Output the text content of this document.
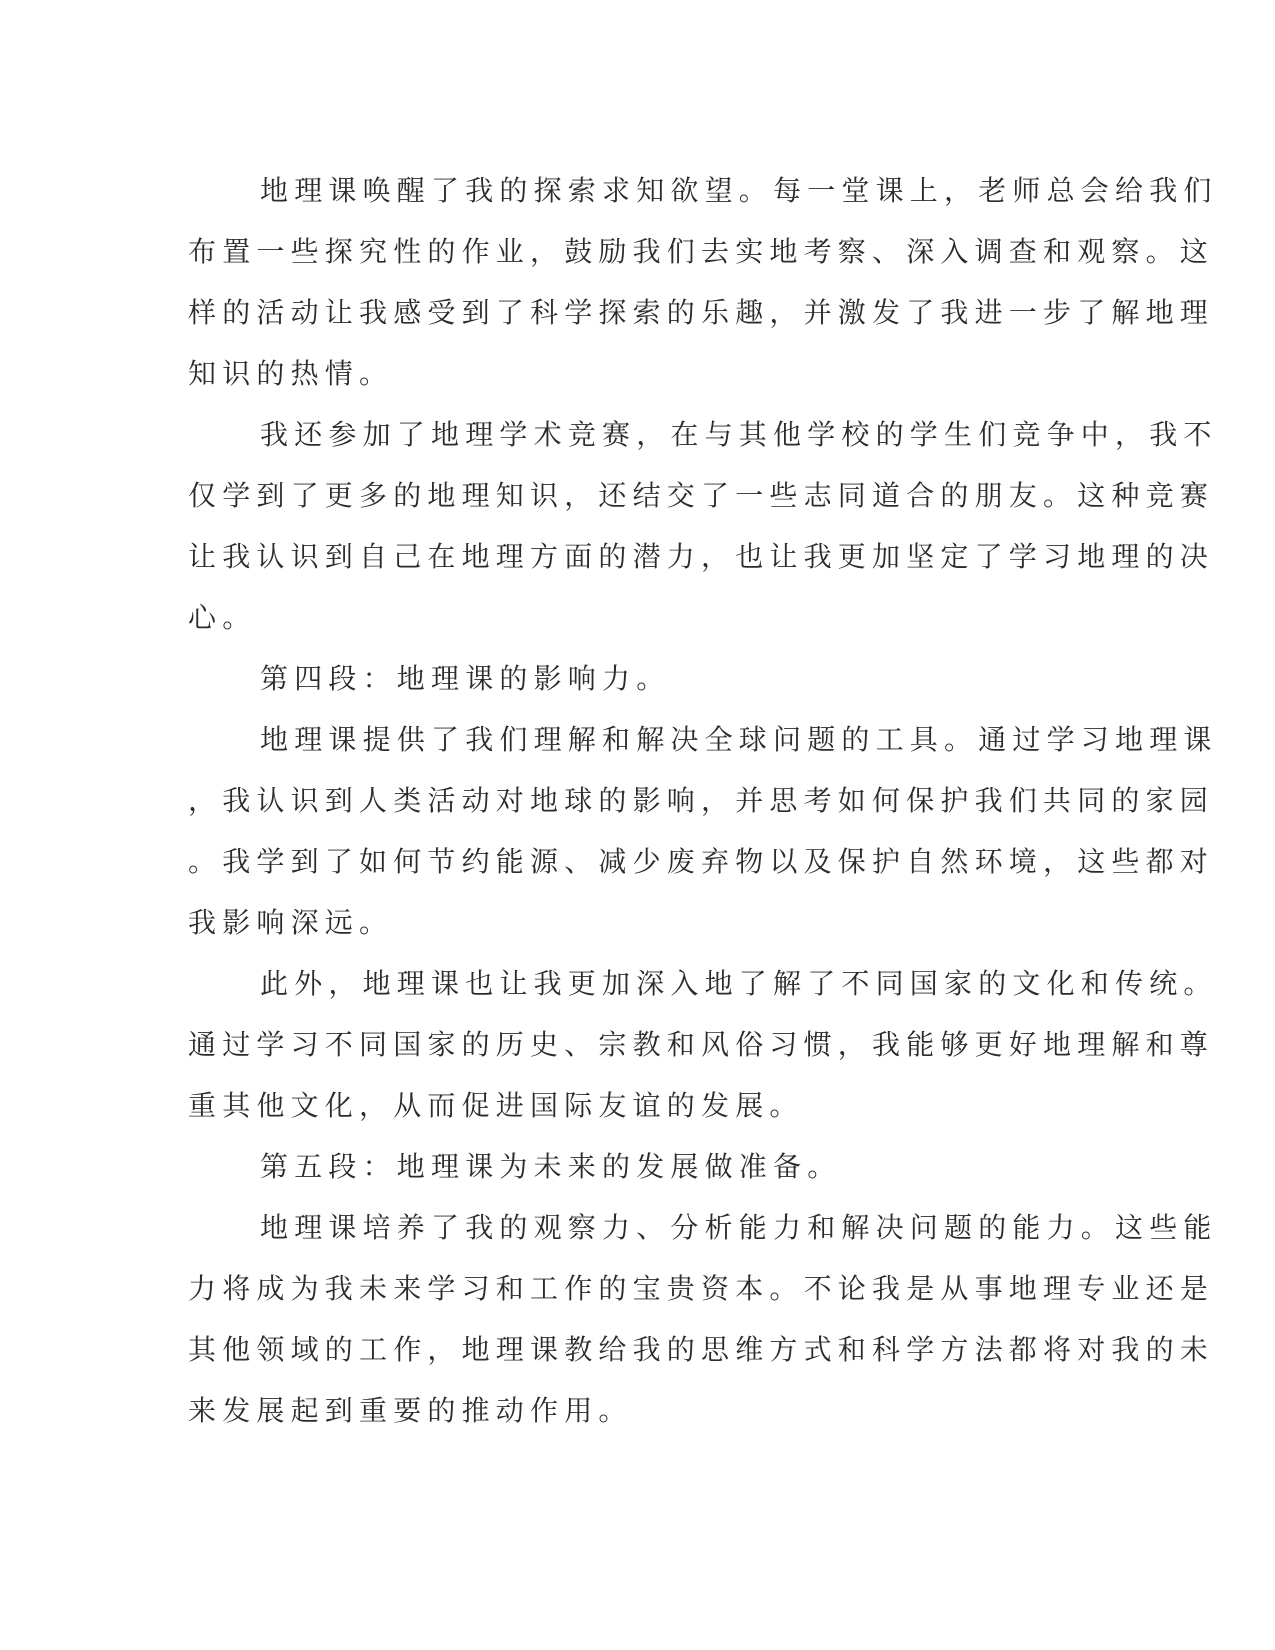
地理课唤醒了我的探索求知欲望。每一堂课上，老师总会给我们布置一些探究性的作业，鼓励我们去实地考察、深入调查和观察。这样的活动让我感受到了科学探索的乐趣，并激发了我进一步了解地理知识的热情。

我还参加了地理学术竞赛，在与其他学校的学生们竞争中，我不仅学到了更多的地理知识，还结交了一些志同道合的朋友。这种竞赛让我认识到自己在地理方面的潜力，也让我更加坚定了学习地理的决心。

第四段：地理课的影响力。

地理课提供了我们理解和解决全球问题的工具。通过学习地理课，我认识到人类活动对地球的影响，并思考如何保护我们共同的家园。我学到了如何节约能源、减少废弃物以及保护自然环境，这些都对我影响深远。

此外，地理课也让我更加深入地了解了不同国家的文化和传统。通过学习不同国家的历史、宗教和风俗习惯，我能够更好地理解和尊重其他文化，从而促进国际友谊的发展。

第五段：地理课为未来的发展做准备。

地理课培养了我的观察力、分析能力和解决问题的能力。这些能力将成为我未来学习和工作的宝贵资本。不论我是从事地理专业还是其他领域的工作，地理课教给我的思维方式和科学方法都将对我的未来发展起到重要的推动作用。
